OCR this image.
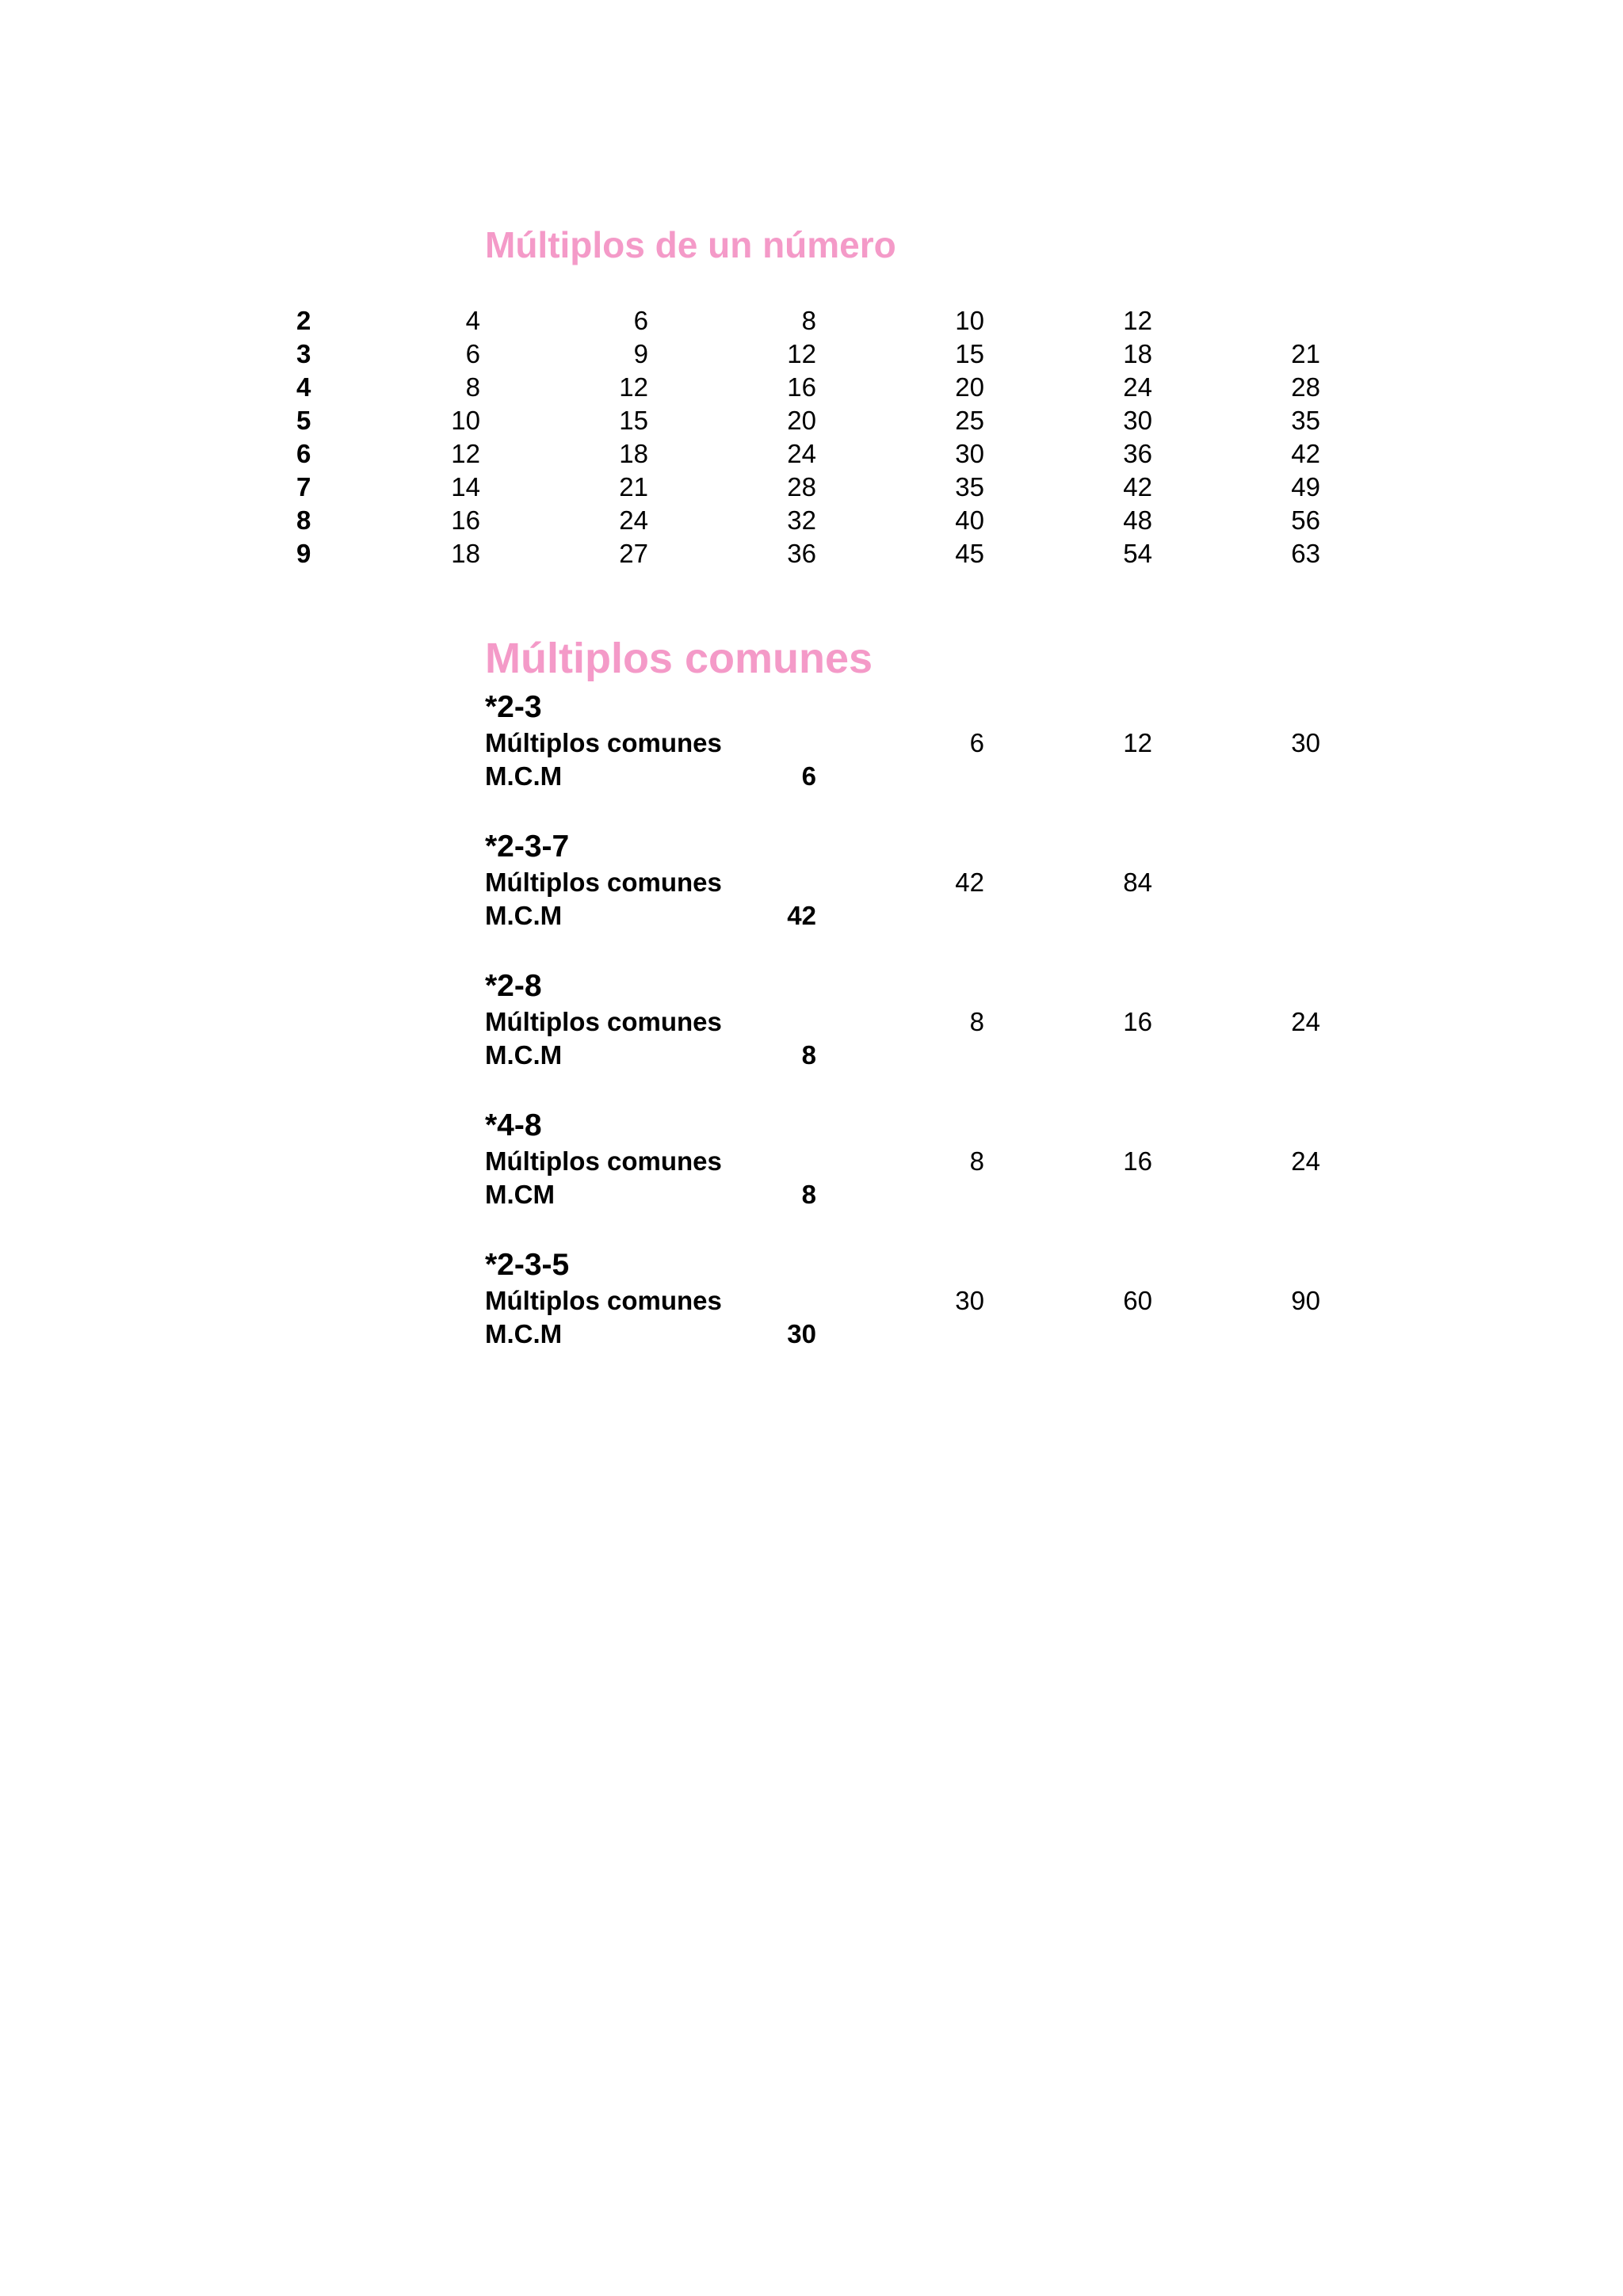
Múltiplos de un número
2	4	6	8	10	12
3	6	9	12	15	18	21
4	8	12	16	20	24	28
5	10	15	20	25	30	35
6	12	18	24	30	36	42
7	14	21	28	35	42	49
8	16	24	32	40	48	56
9	18	27	36	45	54	63
Múltiplos comunes
*2-3
Múltiplos comunes	6	12	30
M.C.M	6
*2-3-7
Múltiplos comunes	42	84
M.C.M	42
*2-8
Múltiplos comunes	8	16	24
M.C.M	8
*4-8
Múltiplos comunes	8	16	24
M.CM	8
*2-3-5
Múltiplos comunes	30	60	90
M.C.M	30
